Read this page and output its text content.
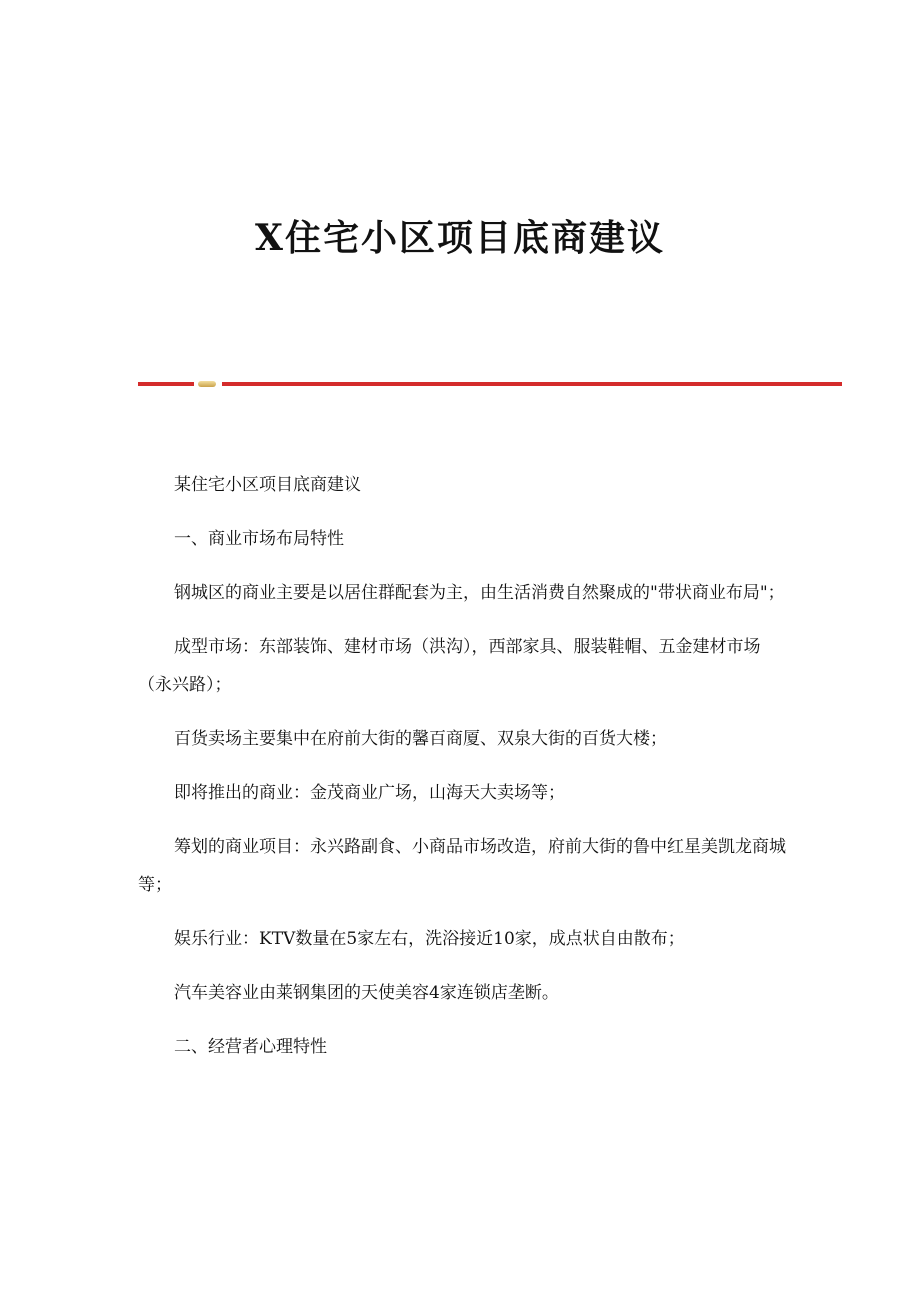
X住宅小区项目底商建议

某住宅小区项目底商建议

一、商业市场布局特性

钢城区的商业主要是以居住群配套为主，由生活消费自然聚成的"带状商业布局"；

成型市场：东部装饰、建材市场（洪沟），西部家具、服装鞋帽、五金建材市场（永兴路）；

百货卖场主要集中在府前大街的馨百商厦、双泉大街的百货大楼；

即将推出的商业：金茂商业广场，山海天大卖场等；

筹划的商业项目：永兴路副食、小商品市场改造，府前大街的鲁中红星美凯龙商城等；

娱乐行业：KTV数量在5家左右，洗浴接近10家，成点状自由散布；

汽车美容业由莱钢集团的天使美容4家连锁店垄断。

二、经营者心理特性
